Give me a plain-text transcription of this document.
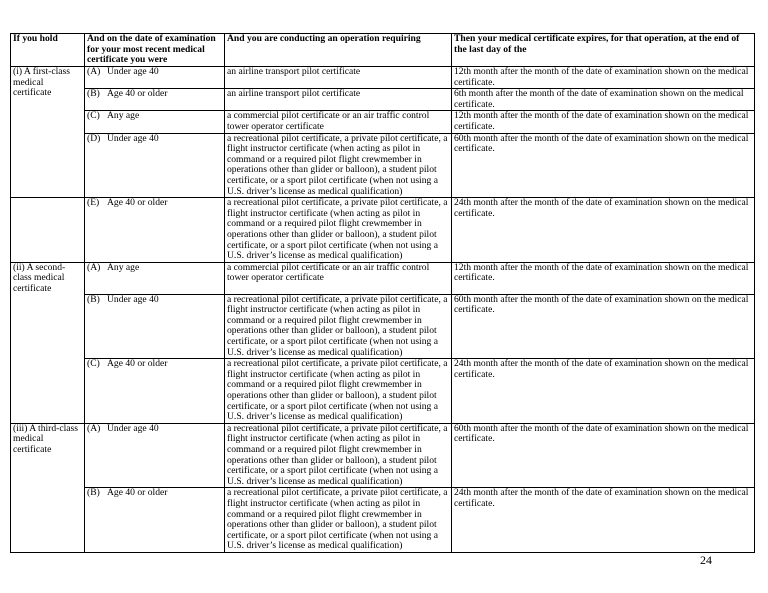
If you hold	And on the date of examination for your most recent medical certificate you were	And you are conducting an operation requiring	Then your medical certificate expires, for that operation, at the end of the last day of the
(i) A first-class medical certificate	(A) Under age 40	an airline transport pilot certificate	12th month after the month of the date of examination shown on the medical certificate.
	(B) Age 40 or older	an airline transport pilot certificate	6th month after the month of the date of examination shown on the medical certificate.
	(C) Any age	a commercial pilot certificate or an air traffic control tower operator certificate	12th month after the month of the date of examination shown on the medical certificate.
	(D) Under age 40	a recreational pilot certificate, a private pilot certificate, a flight instructor certificate (when acting as pilot in command or a required pilot flight crewmember in operations other than glider or balloon), a student pilot certificate, or a sport pilot certificate (when not using a U.S. driver’s license as medical qualification)	60th month after the month of the date of examination shown on the medical certificate.
	(E) Age 40 or older	a recreational pilot certificate, a private pilot certificate, a flight instructor certificate (when acting as pilot in command or a required pilot flight crewmember in operations other than glider or balloon), a student pilot certificate, or a sport pilot certificate (when not using a U.S. driver’s license as medical qualification)	24th month after the month of the date of examination shown on the medical certificate.
(ii) A second-class medical certificate	(A) Any age	a commercial pilot certificate or an air traffic control tower operator certificate	12th month after the month of the date of examination shown on the medical certificate.
	(B) Under age 40	a recreational pilot certificate, a private pilot certificate, a flight instructor certificate (when acting as pilot in command or a required pilot flight crewmember in operations other than glider or balloon), a student pilot certificate, or a sport pilot certificate (when not using a U.S. driver’s license as medical qualification)	60th month after the month of the date of examination shown on the medical certificate.
	(C) Age 40 or older	a recreational pilot certificate, a private pilot certificate, a flight instructor certificate (when acting as pilot in command or a required pilot flight crewmember in operations other than glider or balloon), a student pilot certificate, or a sport pilot certificate (when not using a U.S. driver’s license as medical qualification)	24th month after the month of the date of examination shown on the medical certificate.
(iii) A third-class medical certificate	(A) Under age 40	a recreational pilot certificate, a private pilot certificate, a flight instructor certificate (when acting as pilot in command or a required pilot flight crewmember in operations other than glider or balloon), a student pilot certificate, or a sport pilot certificate (when not using a U.S. driver’s license as medical qualification)	60th month after the month of the date of examination shown on the medical certificate.
	(B) Age 40 or older	a recreational pilot certificate, a private pilot certificate, a flight instructor certificate (when acting as pilot in command or a required pilot flight crewmember in operations other than glider or balloon), a student pilot certificate, or a sport pilot certificate (when not using a U.S. driver’s license as medical qualification)	24th month after the month of the date of examination shown on the medical certificate.
24
